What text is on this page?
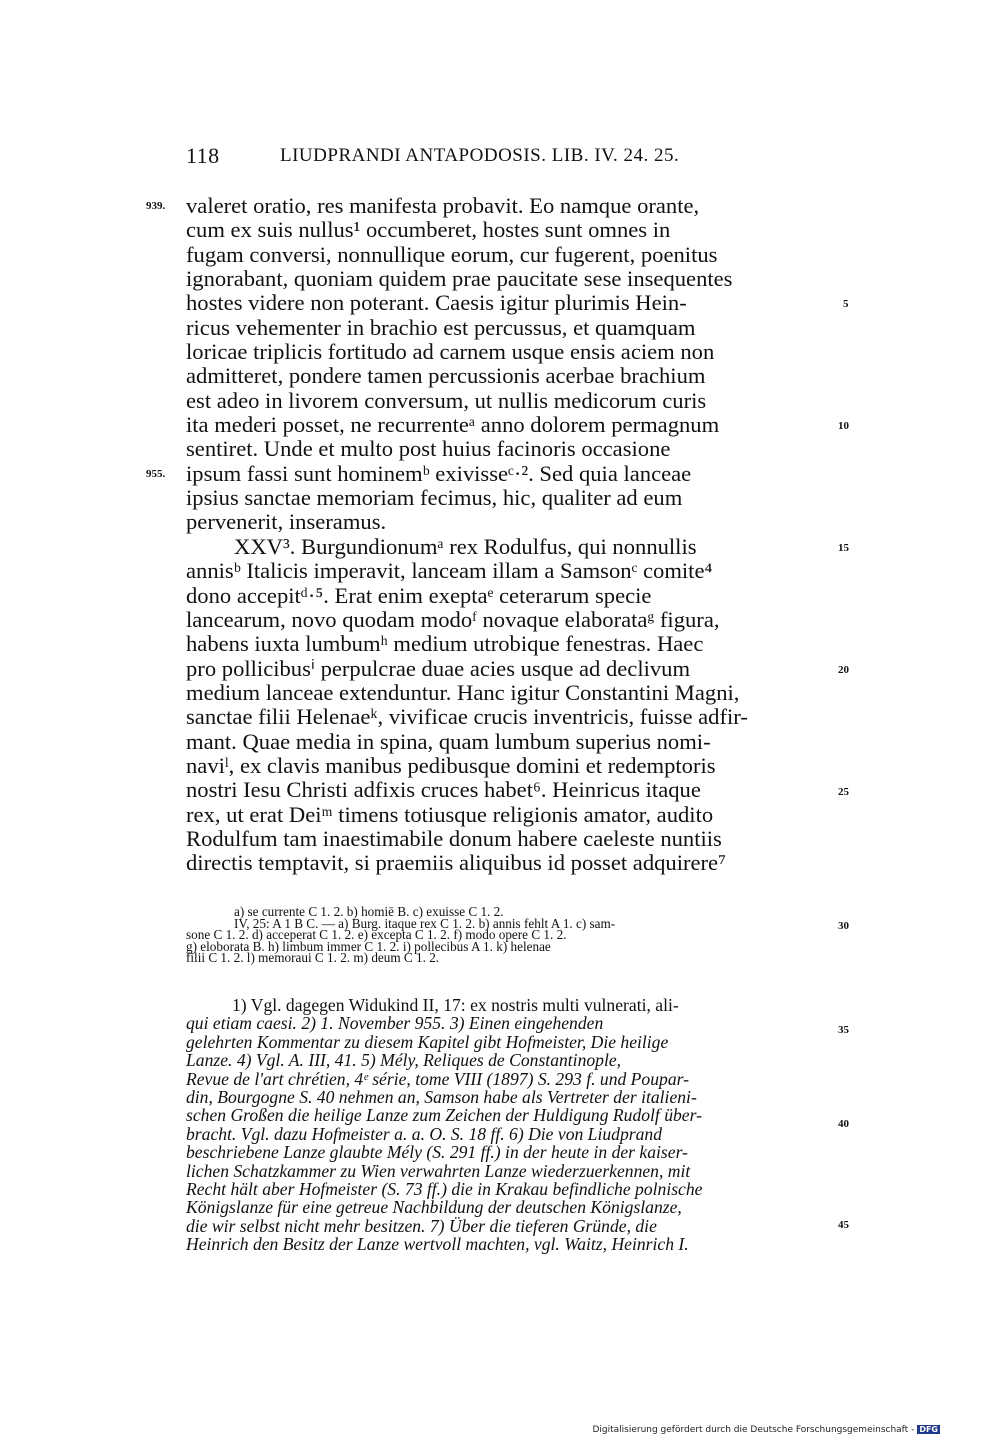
118	LIUDPRANDI ANTAPODOSIS. LIB. IV. 24. 25.
939.
955.
5
10
15
20
25
30
35
40
45
valeret oratio, res manifesta probavit. Eo namque orante,
cum ex suis nullus¹ occumberet, hostes sunt omnes in
fugam conversi, nonnullique eorum, cur fugerent, poenitus
ignorabant, quoniam quidem prae paucitate sese insequentes
hostes videre non poterant. Caesis igitur plurimis Hein-
ricus vehementer in brachio est percussus, et quamquam
loricae triplicis fortitudo ad carnem usque ensis aciem non
admitteret, pondere tamen percussionis acerbae brachium
est adeo in livorem conversum, ut nullis medicorum curis
ita mederi posset, ne recurrenteᵃ anno dolorem permagnum
sentiret. Unde et multo post huius facinoris occasione
ipsum fassi sunt hominemᵇ exivisseᶜ·². Sed quia lanceae
ipsius sanctae memoriam fecimus, hic, qualiter ad eum
pervenerit, inseramus.
XXV³. Burgundionumᵃ rex Rodulfus, qui nonnullis
annisᵇ Italicis imperavit, lanceam illam a Samsonᶜ comite⁴
dono accepitᵈ·⁵. Erat enim exeptaᵉ ceterarum specie
lancearum, novo quodam modoᶠ novaque elaborataᵍ figura,
habens iuxta lumbumʰ medium utrobique fenestras. Haec
pro pollicibusⁱ perpulcrae duae acies usque ad declivum
medium lanceae extenduntur. Hanc igitur Constantini Magni,
sanctae filii Helenaeᵏ, vivificae crucis inventricis, fuisse adfir-
mant. Quae media in spina, quam lumbum superius nomi-
naviˡ, ex clavis manibus pedibusque domini et redemptoris
nostri Iesu Christi adfixis cruces habet⁶. Heinricus itaque
rex, ut erat Deiᵐ timens totiusque religionis amator, audito
Rodulfum tam inaestimabile donum habere caeleste nuntiis
directis temptavit, si praemiis aliquibus id posset adquirere⁷
a) se currente C 1. 2. b) homiē B. c) exuisse C 1. 2.
IV, 25: A 1 B C. — a) Burg. itaque rex C 1. 2. b) annis fehlt A 1. c) sam-
sone C 1. 2. d) acceperat C 1. 2. e) excepta C 1. 2. f) modo opere C 1. 2.
g) eloborata B. h) limbum immer C 1. 2. i) pollecibus A 1. k) helenae
filii C 1. 2. l) memoraui C 1. 2. m) deum C 1. 2.
1) Vgl. dagegen Widukind II, 17: ex nostris multi vulnerati, ali-
qui etiam caesi. 2) 1. November 955. 3) Einen eingehenden
gelehrten Kommentar zu diesem Kapitel gibt Hofmeister, Die heilige
Lanze. 4) Vgl. A. III, 41. 5) Mély, Reliques de Constantinople,
Revue de l'art chrétien, 4ᵉ série, tome VIII (1897) S. 293 f. und Poupar-
din, Bourgogne S. 40 nehmen an, Samson habe als Vertreter der italieni-
schen Großen die heilige Lanze zum Zeichen der Huldigung Rudolf über-
bracht. Vgl. dazu Hofmeister a. a. O. S. 18 ff. 6) Die von Liudprand
beschriebene Lanze glaubte Mély (S. 291 ff.) in der heute in der kaiser-
lichen Schatzkammer zu Wien verwahrten Lanze wiederzuerkennen, mit
Recht hält aber Hofmeister (S. 73 ff.) die in Krakau befindliche polnische
Königslanze für eine getreue Nachbildung der deutschen Königslanze,
die wir selbst nicht mehr besitzen. 7) Über die tieferen Gründe, die
Heinrich den Besitz der Lanze wertvoll machten, vgl. Waitz, Heinrich I.
Digitalisierung gefördert durch die Deutsche Forschungsgemeinschaft - DFG
